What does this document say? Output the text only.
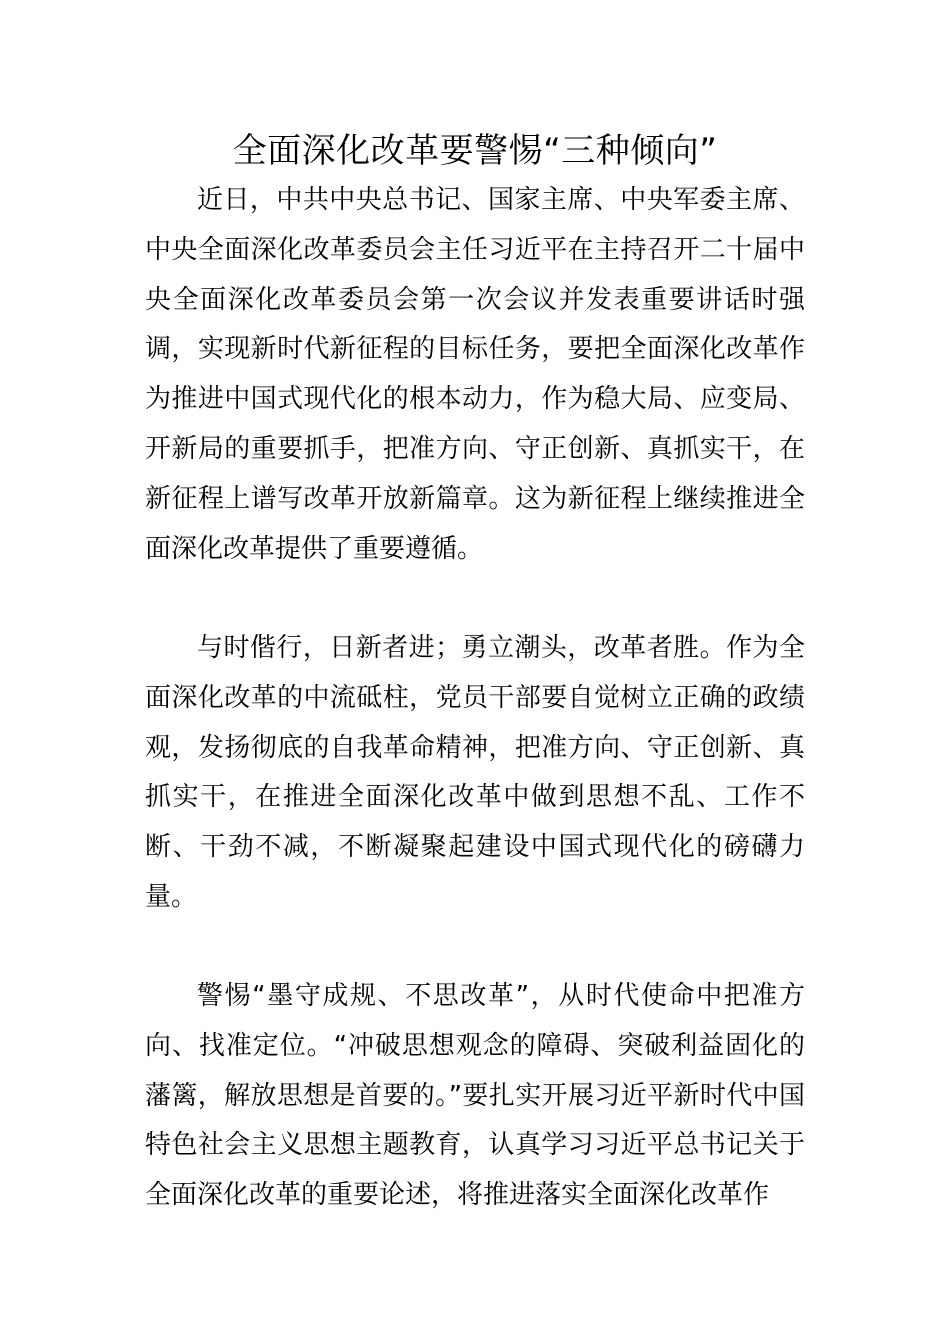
全面深化改革要警惕“三种倾向”

近日，中共中央总书记、国家主席、中央军委主席、中央全面深化改革委员会主任习近平在主持召开二十届中央全面深化改革委员会第一次会议并发表重要讲话时强调，实现新时代新征程的目标任务，要把全面深化改革作为推进中国式现代化的根本动力，作为稳大局、应变局、开新局的重要抓手，把准方向、守正创新、真抓实干，在新征程上谱写改革开放新篇章。这为新征程上继续推进全面深化改革提供了重要遵循。

与时偕行，日新者进；勇立潮头，改革者胜。作为全面深化改革的中流砥柱，党员干部要自觉树立正确的政绩观，发扬彻底的自我革命精神，把准方向、守正创新、真抓实干，在推进全面深化改革中做到思想不乱、工作不断、干劲不减，不断凝聚起建设中国式现代化的磅礴力量。

警惕“墨守成规、不思改革”，从时代使命中把准方向、找准定位。“冲破思想观念的障碍、突破利益固化的藩篱，解放思想是首要的。”要扎实开展习近平新时代中国特色社会主义思想主题教育，认真学习习近平总书记关于全面深化改革的重要论述，将推进落实全面深化改革作
